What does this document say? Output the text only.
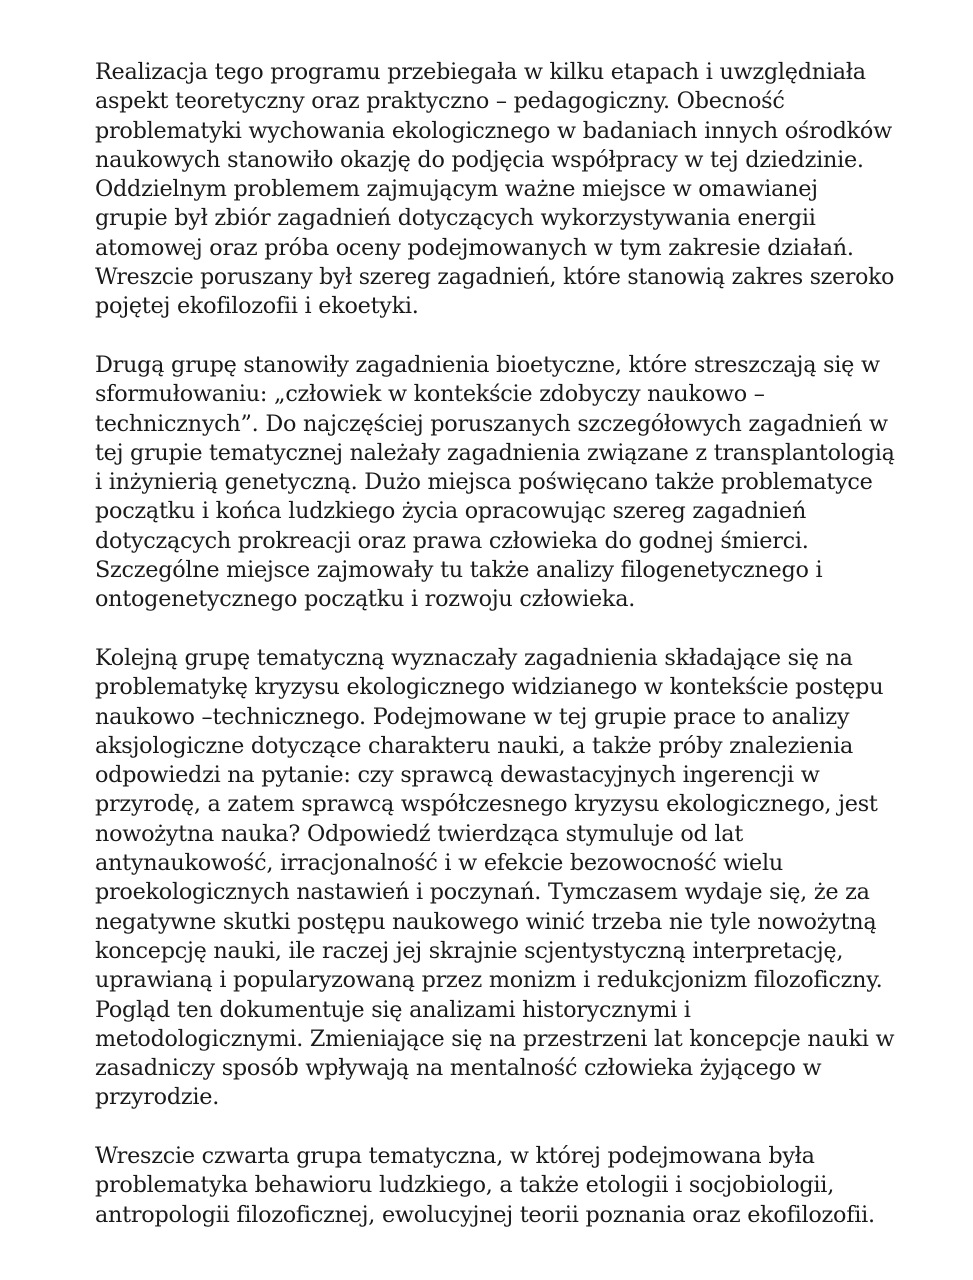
Realizacja tego programu przebiegała w kilku etapach i uwzględniała
aspekt teoretyczny oraz praktyczno – pedagogiczny. Obecność
problematyki wychowania ekologicznego w badaniach innych ośrodków
naukowych stanowiło okazję do podjęcia współpracy w tej dziedzinie.
Oddzielnym problemem zajmującym ważne miejsce w omawianej
grupie był zbiór zagadnień dotyczących wykorzystywania energii
atomowej oraz próba oceny podejmowanych w tym zakresie działań.
Wreszcie poruszany był szereg zagadnień, które stanowią zakres szeroko
pojętej ekofilozofii i ekoetyki.
Drugą grupę stanowiły zagadnienia bioetyczne, które streszczają się w
sformułowaniu: „człowiek w kontekście zdobyczy naukowo –
technicznych”. Do najczęściej poruszanych szczegółowych zagadnień w
tej grupie tematycznej należały zagadnienia związane z transplantologią
i inżynierią genetyczną. Dużo miejsca poświęcano także problematyce
początku i końca ludzkiego życia opracowując szereg zagadnień
dotyczących prokreacji oraz prawa człowieka do godnej śmierci.
Szczególne miejsce zajmowały tu także analizy filogenetycznego i
ontogenetycznego początku i rozwoju człowieka.
Kolejną grupę tematyczną wyznaczały zagadnienia składające się na
problematykę kryzysu ekologicznego widzianego w kontekście postępu
naukowo –technicznego. Podejmowane w tej grupie prace to analizy
aksjologiczne dotyczące charakteru nauki, a także próby znalezienia
odpowiedzi na pytanie: czy sprawcą dewastacyjnych ingerencji w
przyrodę, a zatem sprawcą współczesnego kryzysu ekologicznego, jest
nowożytna nauka? Odpowiedź twierdząca stymuluje od lat
antynaukowość, irracjonalność i w efekcie bezowocność wielu
proekologicznych nastawień i poczynań. Tymczasem wydaje się, że za
negatywne skutki postępu naukowego winić trzeba nie tyle nowożytną
koncepcję nauki, ile raczej jej skrajnie scjentystyczną interpretację,
uprawianą i popularyzowaną przez monizm i redukcjonizm filozoficzny.
Pogląd ten dokumentuje się analizami historycznymi i
metodologicznymi. Zmieniające się na przestrzeni lat koncepcje nauki w
zasadniczy sposób wpływają na mentalność człowieka żyjącego w
przyrodzie.
Wreszcie czwarta grupa tematyczna, w której podejmowana była
problematyka behawioru ludzkiego, a także etologii i socjobiologii,
antropologii filozoficznej, ewolucyjnej teorii poznania oraz ekofilozofii.
